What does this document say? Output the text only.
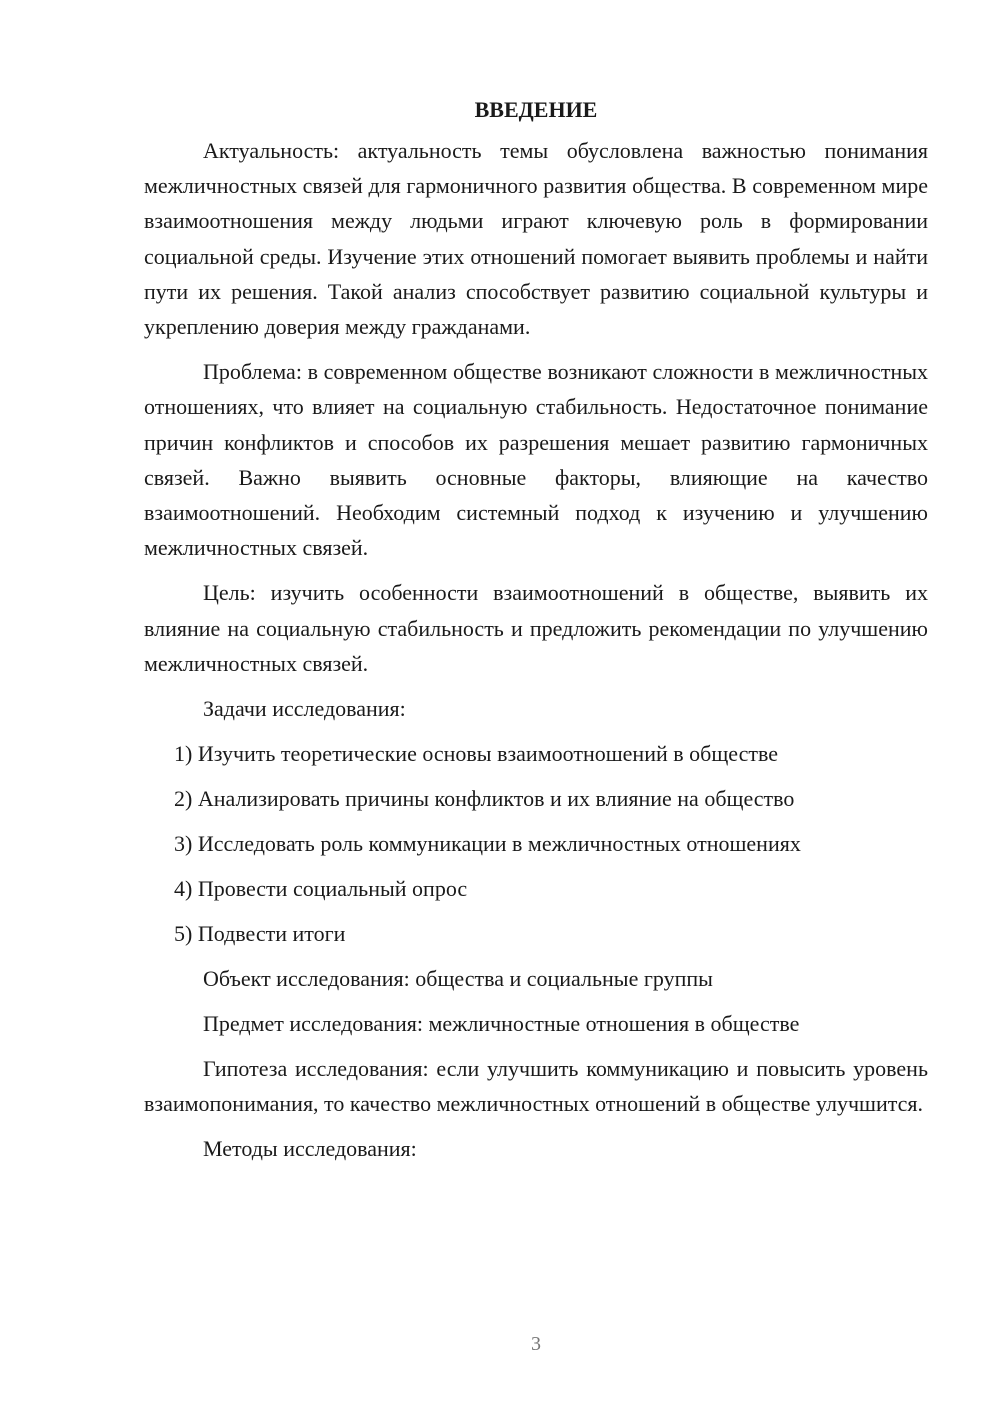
ВВЕДЕНИЕ

Актуальность: актуальность темы обусловлена важностью понимания межличностных связей для гармоничного развития общества. В современном мире взаимоотношения между людьми играют ключевую роль в формировании социальной среды. Изучение этих отношений помогает выявить проблемы и найти пути их решения. Такой анализ способствует развитию социальной культуры и укреплению доверия между гражданами.

Проблема: в современном обществе возникают сложности в межличностных отношениях, что влияет на социальную стабильность. Недостаточное понимание причин конфликтов и способов их разрешения мешает развитию гармоничных связей. Важно выявить основные факторы, влияющие на качество взаимоотношений. Необходим системный подход к изучению и улучшению межличностных связей.

Цель: изучить особенности взаимоотношений в обществе, выявить их влияние на социальную стабильность и предложить рекомендации по улучшению межличностных связей.

Задачи исследования:
1) Изучить теоретические основы взаимоотношений в обществе
2) Анализировать причины конфликтов и их влияние на общество
3) Исследовать роль коммуникации в межличностных отношениях
4) Провести социальный опрос
5) Подвести итоги
Объект исследования: общества и социальные группы
Предмет исследования: межличностные отношения в обществе

Гипотеза исследования: если улучшить коммуникацию и повысить уровень взаимопонимания, то качество межличностных отношений в обществе улучшится.

Методы исследования:
3
